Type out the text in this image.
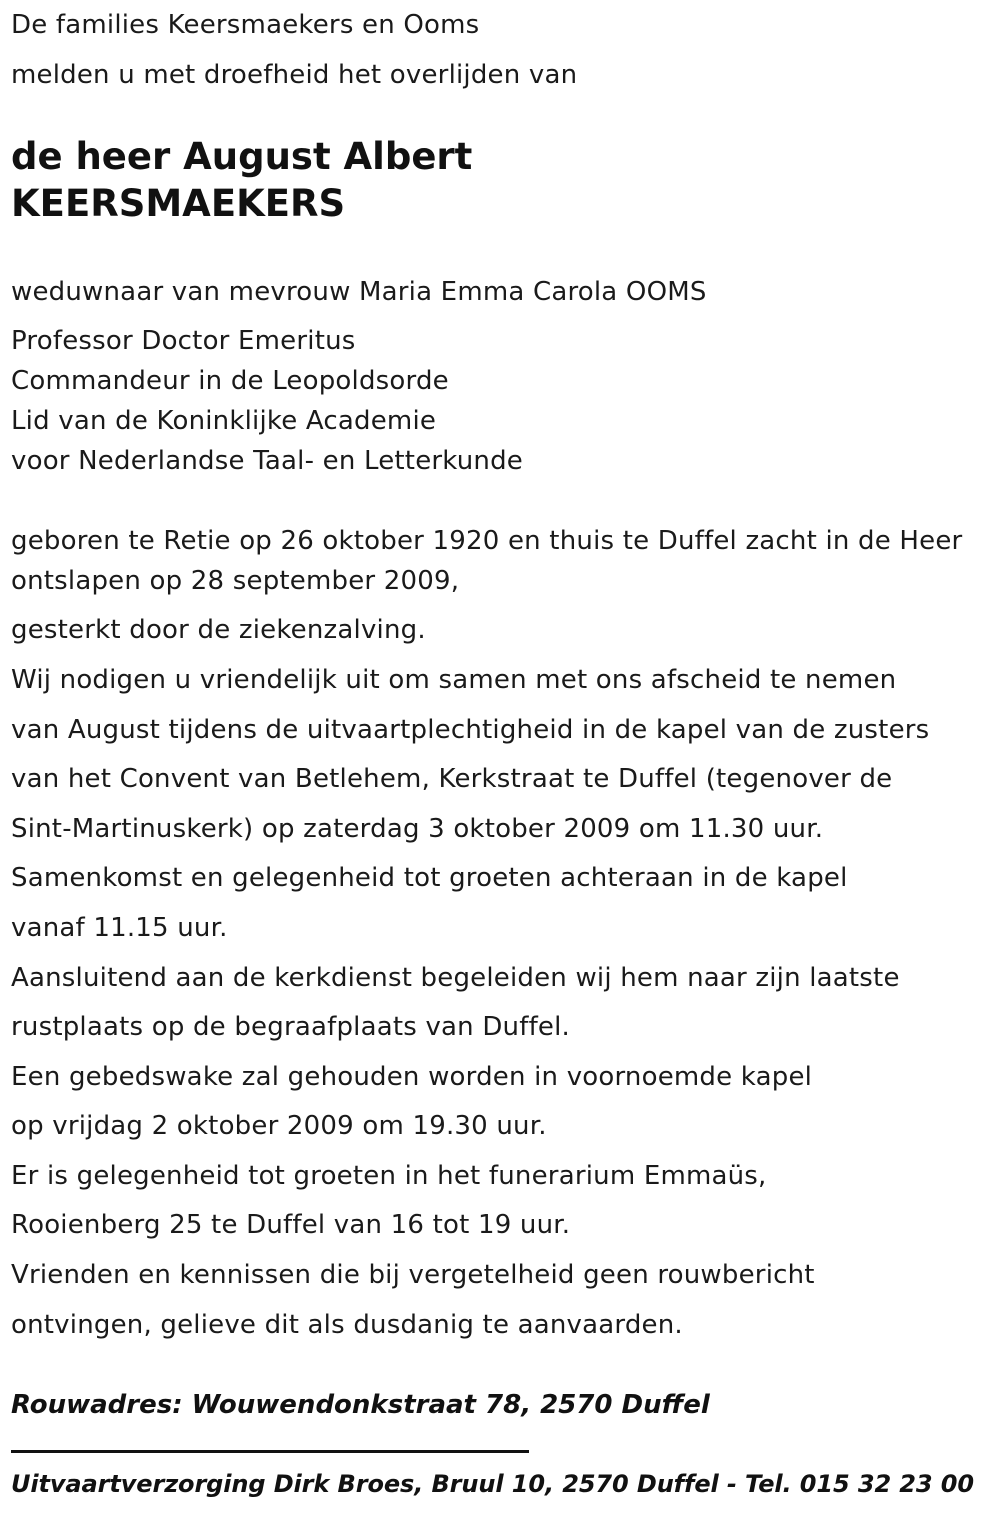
De families Keersmaekers en Ooms
melden u met droefheid het overlijden van
de heer August Albert
KEERSMAEKERS
weduwnaar van mevrouw Maria Emma Carola OOMS
Professor Doctor Emeritus
Commandeur in de Leopoldsorde
Lid van de Koninklijke Academie
voor Nederlandse Taal- en Letterkunde
geboren te Retie op 26 oktober 1920 en thuis te Duffel zacht in de Heer
ontslapen op 28 september 2009,
gesterkt door de ziekenzalving.
Wij nodigen u vriendelijk uit om samen met ons afscheid te nemen
van August tijdens de uitvaartplechtigheid in de kapel van de zusters
van het Convent van Betlehem, Kerkstraat te Duffel (tegenover de
Sint-Martinuskerk) op zaterdag 3 oktober 2009 om 11.30 uur.
Samenkomst en gelegenheid tot groeten achteraan in de kapel
vanaf 11.15 uur.
Aansluitend aan de kerkdienst begeleiden wij hem naar zijn laatste
rustplaats op de begraafplaats van Duffel.
Een gebedswake zal gehouden worden in voornoemde kapel
op vrijdag 2 oktober 2009 om 19.30 uur.
Er is gelegenheid tot groeten in het funerarium Emmaüs,
Rooienberg 25 te Duffel van 16 tot 19 uur.
Vrienden en kennissen die bij vergetelheid geen rouwbericht
ontvingen, gelieve dit als dusdanig te aanvaarden.
Rouwadres: Wouwendonkstraat 78, 2570 Duffel
Uitvaartverzorging Dirk Broes, Bruul 10, 2570 Duffel - Tel. 015 32 23 00
